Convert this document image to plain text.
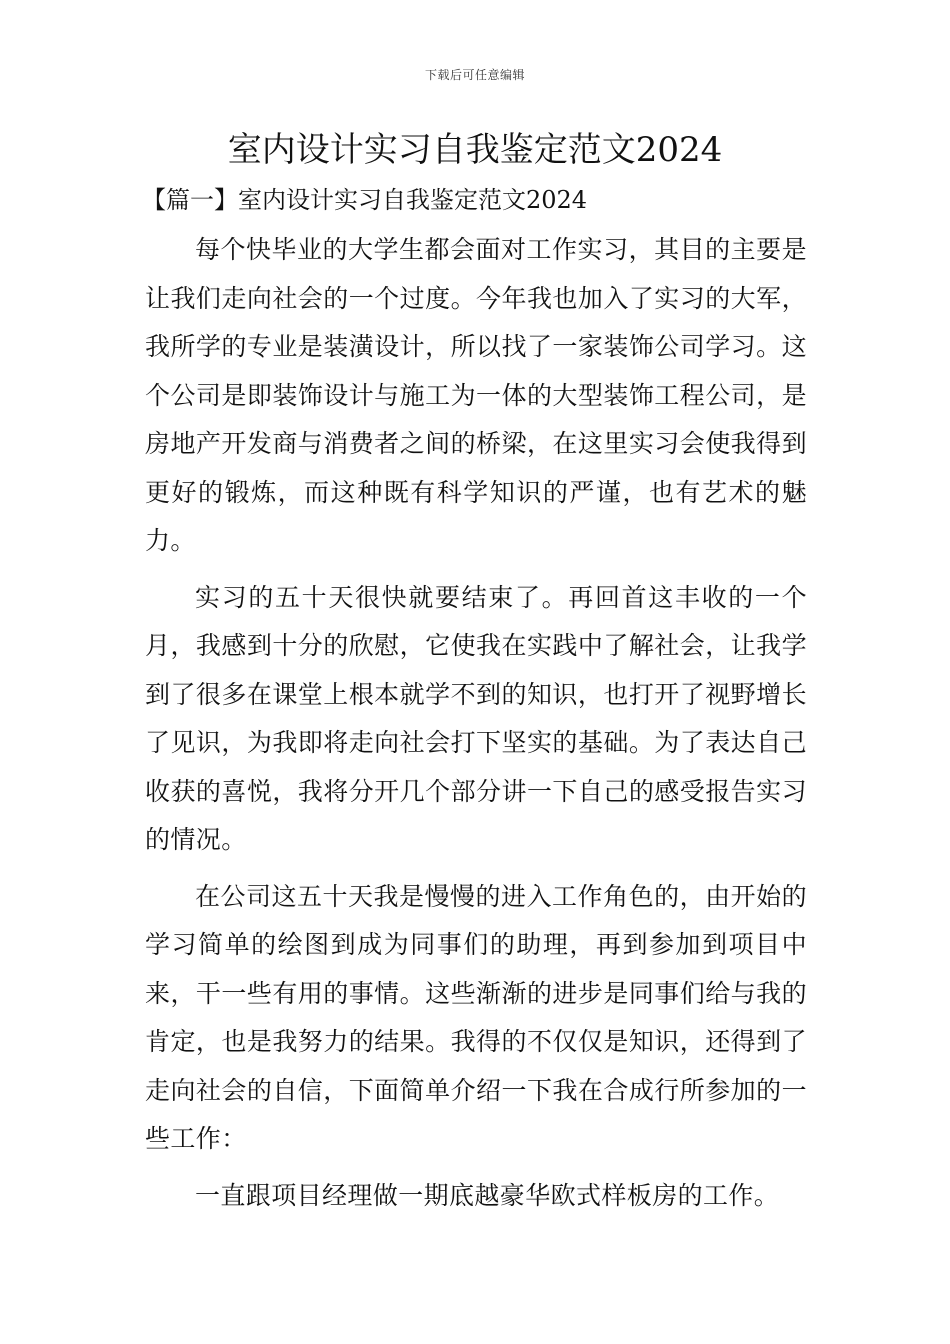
下载后可任意编辑
室内设计实习自我鉴定范文2024
【篇一】室内设计实习自我鉴定范文2024

每个快毕业的大学生都会面对工作实习，其目的主要是让我们走向社会的一个过度。今年我也加入了实习的大军，我所学的专业是装潢设计，所以找了一家装饰公司学习。这个公司是即装饰设计与施工为一体的大型装饰工程公司，是房地产开发商与消费者之间的桥梁，在这里实习会使我得到更好的锻炼，而这种既有科学知识的严谨，也有艺术的魅力。

实习的五十天很快就要结束了。再回首这丰收的一个月，我感到十分的欣慰，它使我在实践中了解社会，让我学到了很多在课堂上根本就学不到的知识，也打开了视野增长了见识，为我即将走向社会打下坚实的基础。为了表达自己收获的喜悦，我将分开几个部分讲一下自己的感受报告实习的情况。

在公司这五十天我是慢慢的进入工作角色的，由开始的学习简单的绘图到成为同事们的助理，再到参加到项目中来，干一些有用的事情。这些渐渐的进步是同事们给与我的肯定，也是我努力的结果。我得的不仅仅是知识，还得到了走向社会的自信，下面简单介绍一下我在合成行所参加的一些工作：

一直跟项目经理做一期底越豪华欧式样板房的工作。
